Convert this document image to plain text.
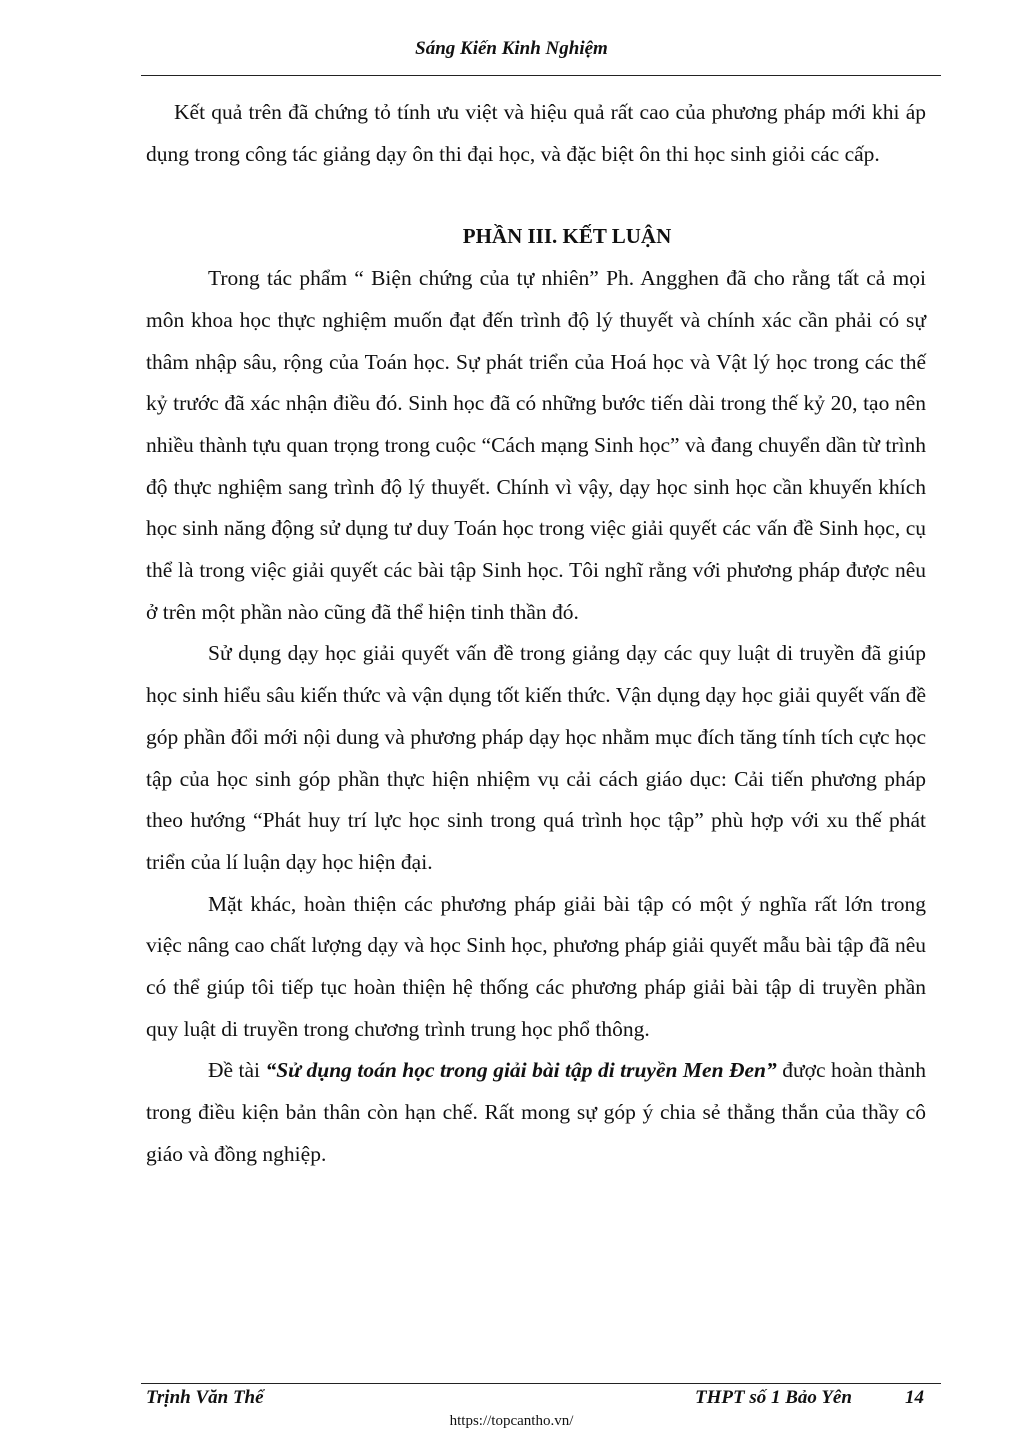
Sáng Kiến Kinh Nghiệm

Kết quả trên đã chứng tỏ tính ưu việt và hiệu quả rất cao của phương pháp mới khi áp dụng trong công tác giảng dạy ôn thi đại học, và đặc biệt ôn thi học sinh giỏi các cấp.

PHẦN III. KẾT LUẬN

Trong tác phẩm “ Biện chứng của tự nhiên” Ph. Angghen đã cho rằng tất cả mọi môn khoa học thực nghiệm muốn đạt đến trình độ lý thuyết và chính xác cần phải có sự thâm nhập sâu, rộng của Toán học. Sự phát triển của Hoá học và Vật lý học trong các thế kỷ trước đã xác nhận điều đó. Sinh học đã có những bước tiến dài trong thế kỷ 20, tạo nên nhiều thành tựu quan trọng trong cuộc “Cách mạng Sinh học” và đang chuyển dần từ trình độ thực nghiệm sang trình độ lý thuyết. Chính vì vậy, dạy học sinh học cần khuyến khích học sinh năng động sử dụng tư duy Toán học trong việc giải quyết các vấn đề Sinh học, cụ thể là trong việc giải quyết các bài tập Sinh học. Tôi nghĩ rằng với phương pháp được nêu ở trên một phần nào cũng đã thể hiện tinh thần đó.

Sử dụng dạy học giải quyết vấn đề trong giảng dạy các quy luật di truyền đã giúp học sinh hiểu sâu kiến thức và vận dụng tốt kiến thức. Vận dụng dạy học giải quyết vấn đề góp phần đổi mới nội dung và phương pháp dạy học nhằm mục đích tăng tính tích cực học tập của học sinh góp phần thực hiện nhiệm vụ cải cách giáo dục: Cải tiến phương pháp theo hướng “Phát huy trí lực học sinh trong quá trình học tập” phù hợp với xu thế phát triển của lí luận dạy học hiện đại.

Mặt khác, hoàn thiện các phương pháp giải bài tập có một ý nghĩa rất lớn trong việc nâng cao chất lượng dạy và học Sinh học, phương pháp giải quyết mẫu bài tập đã nêu có thể giúp tôi tiếp tục hoàn thiện hệ thống các phương pháp giải bài tập di truyền phần quy luật di truyền trong chương trình trung học phổ thông.

Đề tài “Sử dụng toán học trong giải bài tập di truyền Men Đen” được hoàn thành trong điều kiện bản thân còn hạn chế. Rất mong sự góp ý chia sẻ thẳng thắn của thầy cô giáo và đồng nghiệp.

Trịnh Văn Thể	THPT số 1 Bảo Yên	14
https://topcantho.vn/
